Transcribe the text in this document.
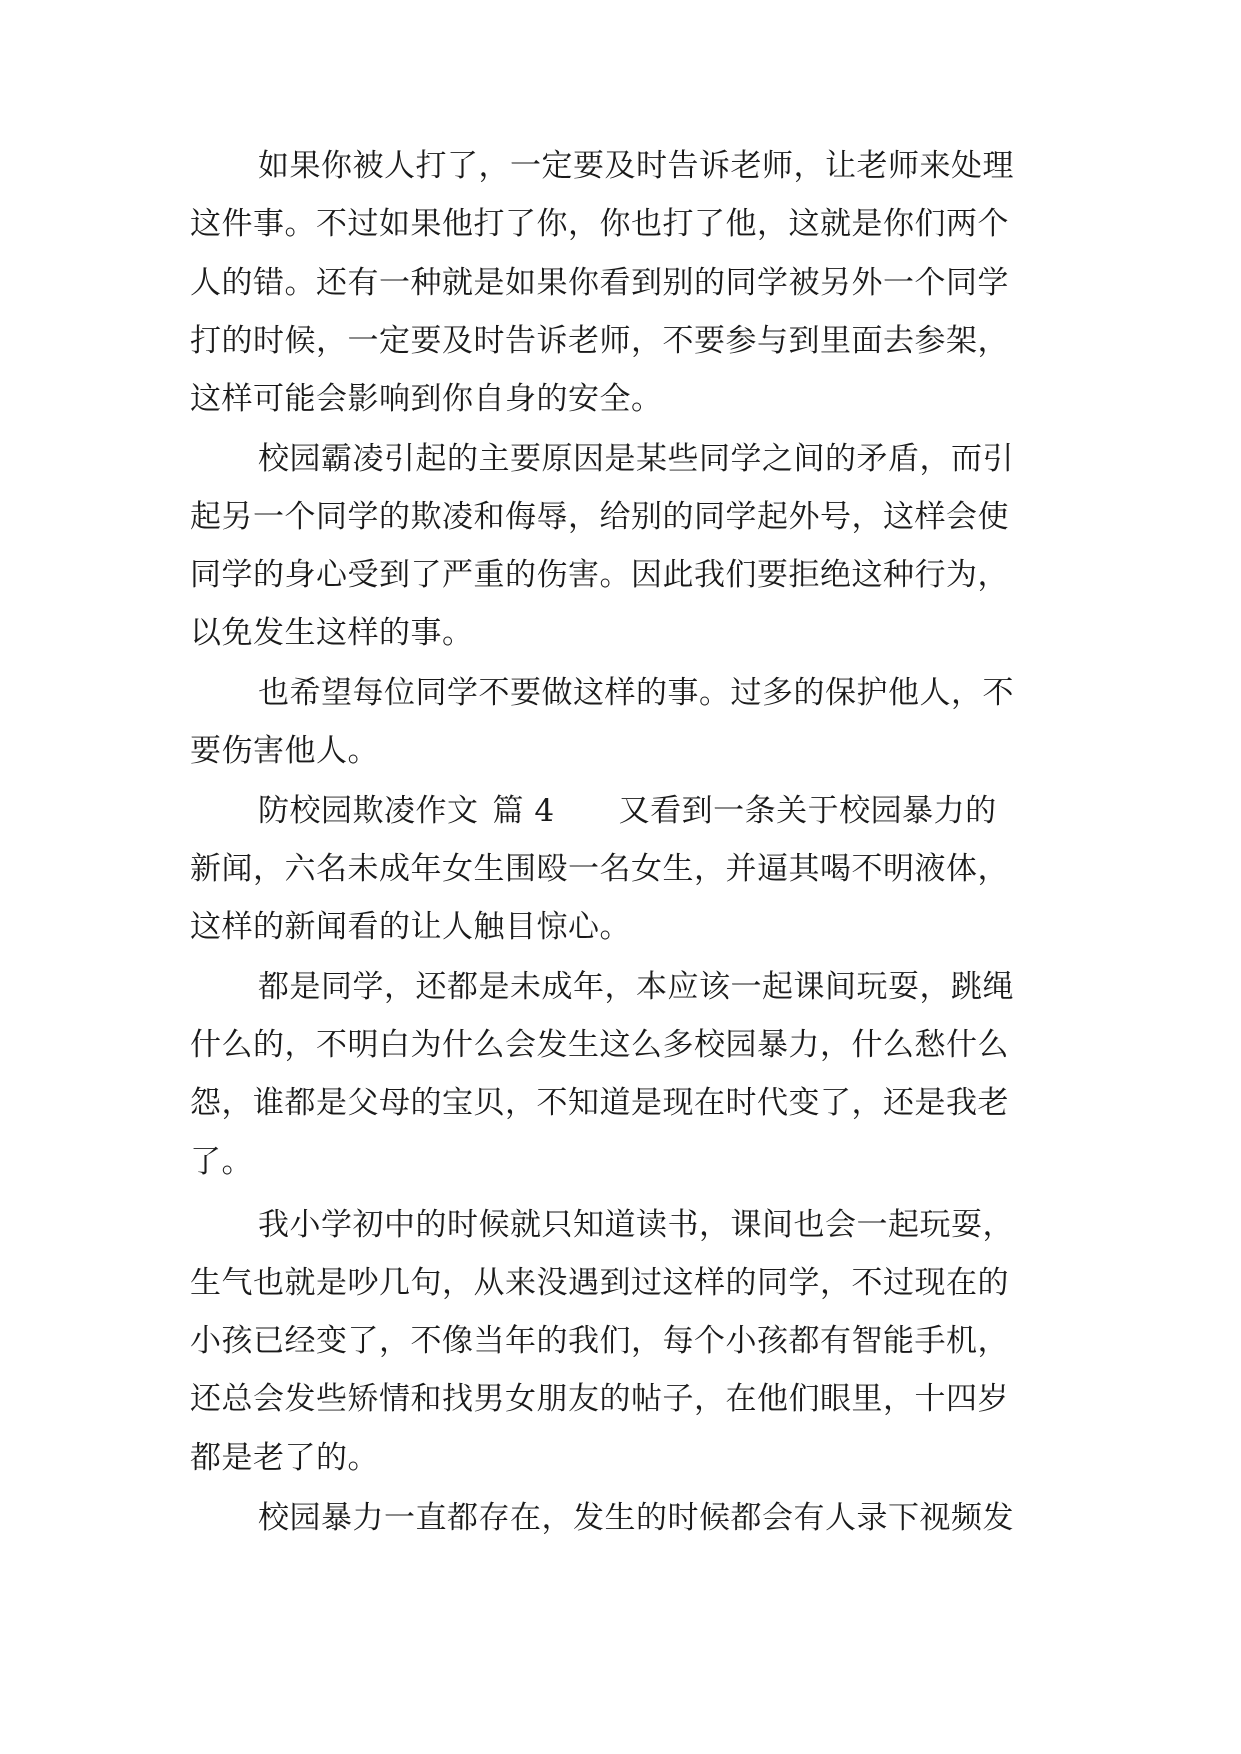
如果你被人打了，一定要及时告诉老师，让老师来处理
这件事。不过如果他打了你，你也打了他，这就是你们两个
人的错。还有一种就是如果你看到别的同学被另外一个同学
打的时候，一定要及时告诉老师，不要参与到里面去参架，
这样可能会影响到你自身的安全。
校园霸凌引起的主要原因是某些同学之间的矛盾，而引
起另一个同学的欺凌和侮辱，给别的同学起外号，这样会使
同学的身心受到了严重的伤害。因此我们要拒绝这种行为，
以免发生这样的事。
也希望每位同学不要做这样的事。过多的保护他人，不
要伤害他人。
防校园欺凌作文 篇 4 又看到一条关于校园暴力的
新闻，六名未成年女生围殴一名女生，并逼其喝不明液体，
这样的新闻看的让人触目惊心。
都是同学，还都是未成年，本应该一起课间玩耍，跳绳
什么的，不明白为什么会发生这么多校园暴力，什么愁什么
怨，谁都是父母的宝贝，不知道是现在时代变了，还是我老
了。
我小学初中的时候就只知道读书，课间也会一起玩耍，
生气也就是吵几句，从来没遇到过这样的同学，不过现在的
小孩已经变了，不像当年的我们，每个小孩都有智能手机，
还总会发些矫情和找男女朋友的帖子，在他们眼里，十四岁
都是老了的。
校园暴力一直都存在，发生的时候都会有人录下视频发
